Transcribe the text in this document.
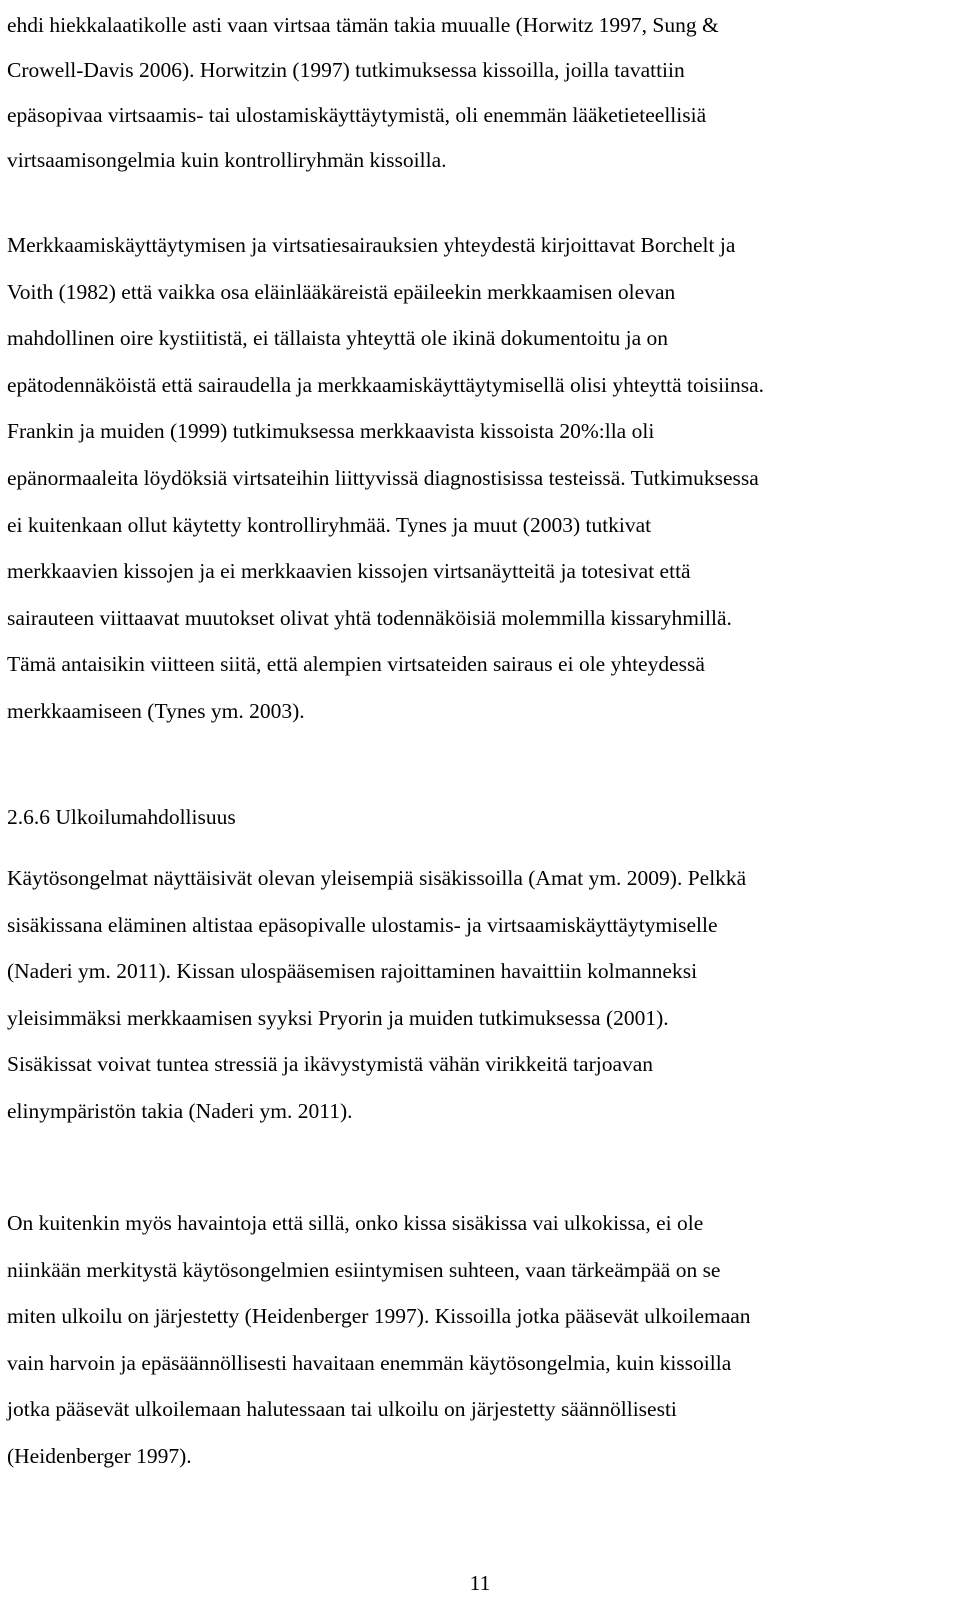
ehdi hiekkalaatikolle asti vaan virtsaa tämän takia muualle (Horwitz 1997, Sung &
Crowell-Davis 2006). Horwitzin (1997) tutkimuksessa kissoilla, joilla tavattiin
epäsopivaa virtsaamis- tai ulostamiskäyttäytymistä, oli enemmän lääketieteellisiä
virtsaamisongelmia kuin kontrolliryhmän kissoilla.
Merkkaamiskäyttäytymisen ja virtsatiesairauksien yhteydestä kirjoittavat Borchelt ja
Voith (1982) että vaikka osa eläinlääkäreistä epäileekin merkkaamisen olevan
mahdollinen oire kystiitistä, ei tällaista yhteyttä ole ikinä dokumentoitu ja on
epätodennäköistä että sairaudella ja merkkaamiskäyttäytymisellä olisi yhteyttä toisiinsa.
Frankin ja muiden (1999) tutkimuksessa merkkaavista kissoista 20%:lla oli
epänormaaleita löydöksiä virtsateihin liittyvissä diagnostisissa testeissä. Tutkimuksessa
ei kuitenkaan ollut käytetty kontrolliryhmää. Tynes ja muut (2003) tutkivat
merkkaavien kissojen ja ei merkkaavien kissojen virtsanäytteitä ja totesivat että
sairauteen viittaavat muutokset olivat yhtä todennäköisiä molemmilla kissaryhmillä.
Tämä antaisikin viitteen siitä, että alempien virtsateiden sairaus ei ole yhteydessä
merkkaamiseen (Tynes ym. 2003).
2.6.6 Ulkoilumahdollisuus
Käytösongelmat näyttäisivät olevan yleisempiä sisäkissoilla (Amat ym. 2009). Pelkkä
sisäkissana eläminen altistaa epäsopivalle ulostamis- ja virtsaamiskäyttäytymiselle
(Naderi ym. 2011). Kissan ulospääsemisen rajoittaminen havaittiin kolmanneksi
yleisimmäksi merkkaamisen syyksi Pryorin ja muiden tutkimuksessa (2001).
Sisäkissat voivat tuntea stressiä ja ikävystymistä vähän virikkeitä tarjoavan
elinympäristön takia (Naderi ym. 2011).
On kuitenkin myös havaintoja että sillä, onko kissa sisäkissa vai ulkokissa, ei ole
niinkään merkitystä käytösongelmien esiintymisen suhteen, vaan tärkeämpää on se
miten ulkoilu on järjestetty (Heidenberger 1997). Kissoilla jotka pääsevät ulkoilemaan
vain harvoin ja epäsäännöllisesti havaitaan enemmän käytösongelmia, kuin kissoilla
jotka pääsevät ulkoilemaan halutessaan tai ulkoilu on järjestetty säännöllisesti
(Heidenberger 1997).
11
